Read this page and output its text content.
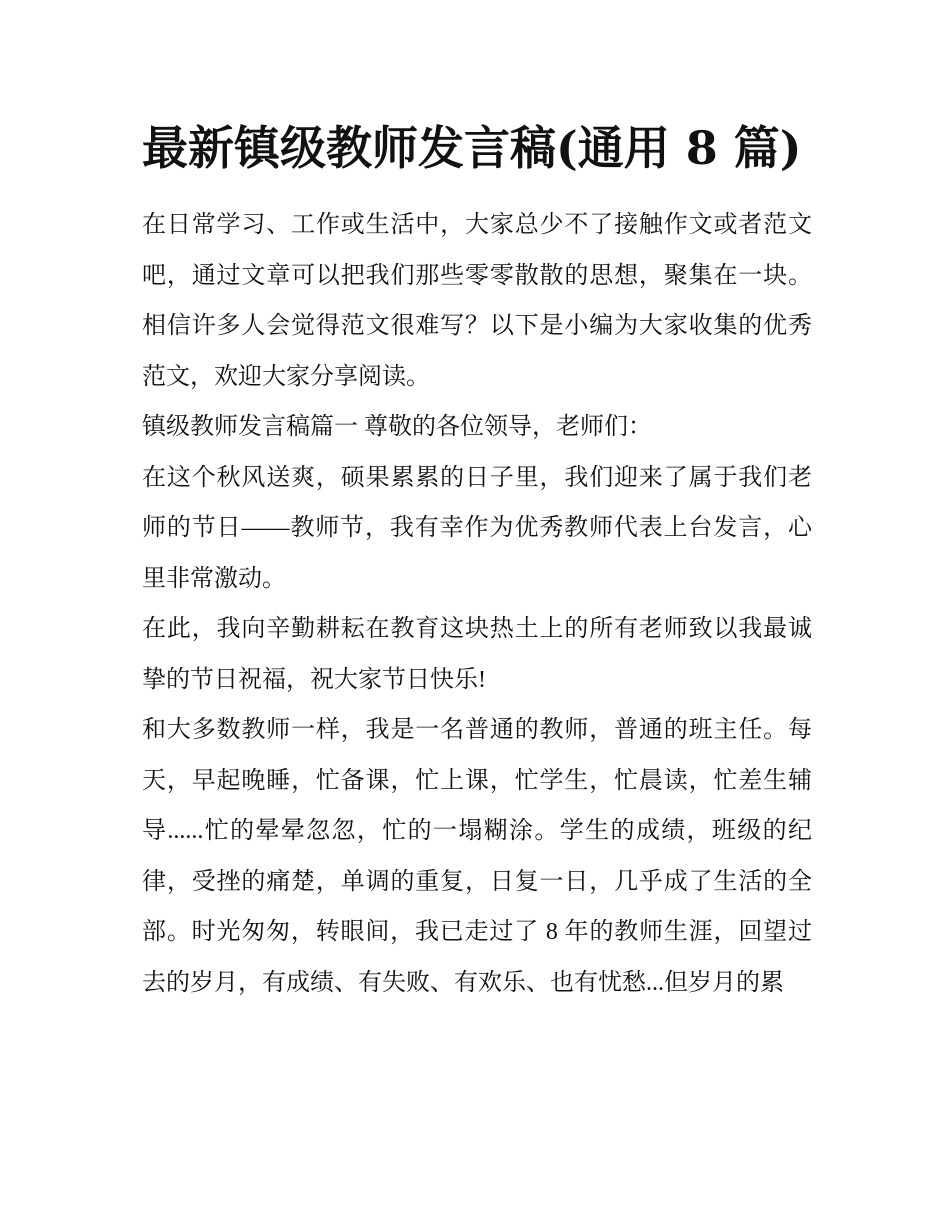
最新镇级教师发言稿(通用 8 篇)

在日常学习、工作或生活中，大家总少不了接触作文或者范文吧，通过文章可以把我们那些零零散散的思想，聚集在一块。相信许多人会觉得范文很难写？以下是小编为大家收集的优秀范文，欢迎大家分享阅读。

镇级教师发言稿篇一 尊敬的各位领导，老师们：

在这个秋风送爽，硕果累累的日子里，我们迎来了属于我们老师的节日——教师节，我有幸作为优秀教师代表上台发言，心里非常激动。

在此，我向辛勤耕耘在教育这块热土上的所有老师致以我最诚挚的节日祝福，祝大家节日快乐!

和大多数教师一样，我是一名普通的教师，普通的班主任。每天，早起晚睡，忙备课，忙上课，忙学生，忙晨读，忙差生辅导......忙的晕晕忽忽，忙的一塌糊涂。学生的成绩，班级的纪律，受挫的痛楚，单调的重复，日复一日，几乎成了生活的全部。时光匆匆，转眼间，我已走过了 8 年的教师生涯，回望过去的岁月，有成绩、有失败、有欢乐、也有忧愁...但岁月的累
